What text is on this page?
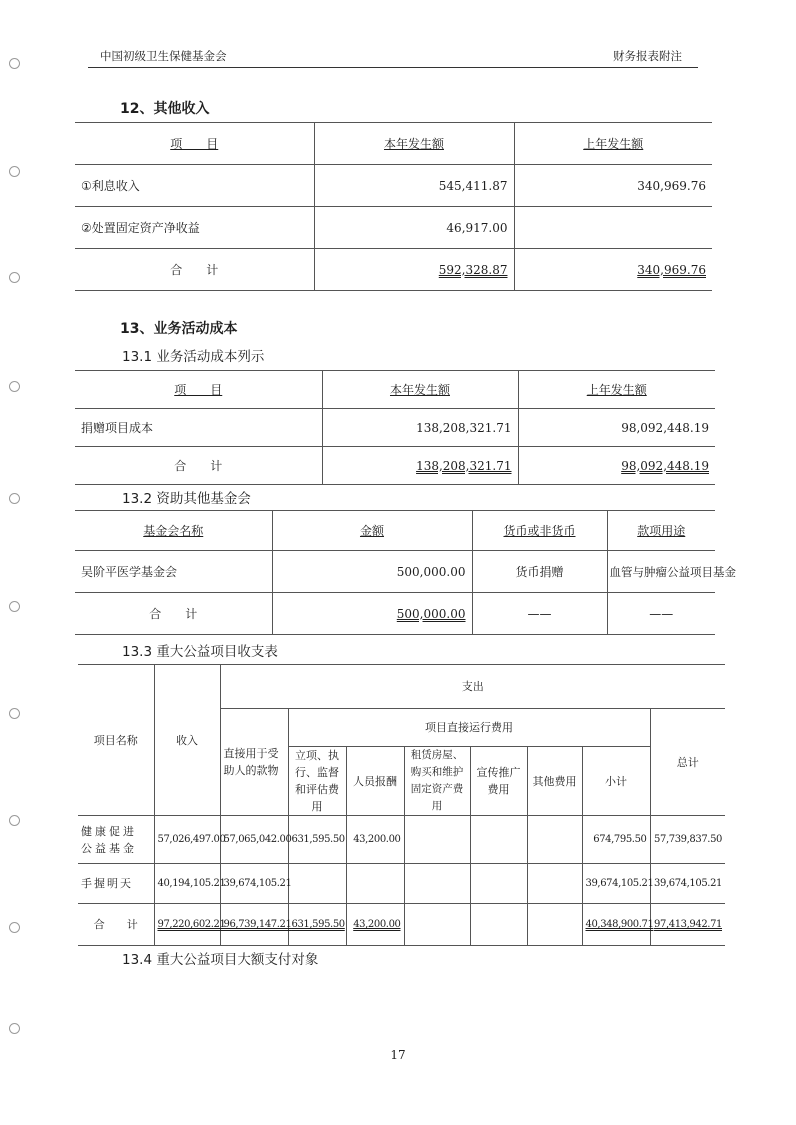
中国初级卫生保健基金会	财务报表附注
12、其他收入
项　　目	本年发生额	上年发生额
①利息收入	545,411.87	340,969.76
②处置固定资产净收益	46,917.00	
合　　计	592,328.87	340,969.76
13、业务活动成本
13.1 业务活动成本列示
项　　目	本年发生额	上年发生额
捐赠项目成本	138,208,321.71	98,092,448.19
合　　计	138,208,321.71	98,092,448.19
13.2 资助其他基金会
基金会名称	金额	货币或非货币	款项用途
吴阶平医学基金会	500,000.00	货币捐赠	血管与肿瘤公益项目基金
合　　计	500,000.00	——	——
13.3 重大公益项目收支表
项目名称	收入	支出							
		直接用于受助人的款物	项目直接运行费用						总计
			立项、执行、监督和评估费用	人员报酬	租赁房屋、购买和维护固定资产费用	宣传推广费用	其他费用	小计	
健康促进公益基金	57,026,497.00	57,065,042.00	631,595.50	43,200.00				674,795.50	57,739,837.50
手握明天	40,194,105.21	39,674,105.21						39,674,105.21	39,674,105.21
合　　计	97,220,602.21	96,739,147.21	631,595.50	43,200.00				40,348,900.71	97,413,942.71
13.4 重大公益项目大额支付对象
17
